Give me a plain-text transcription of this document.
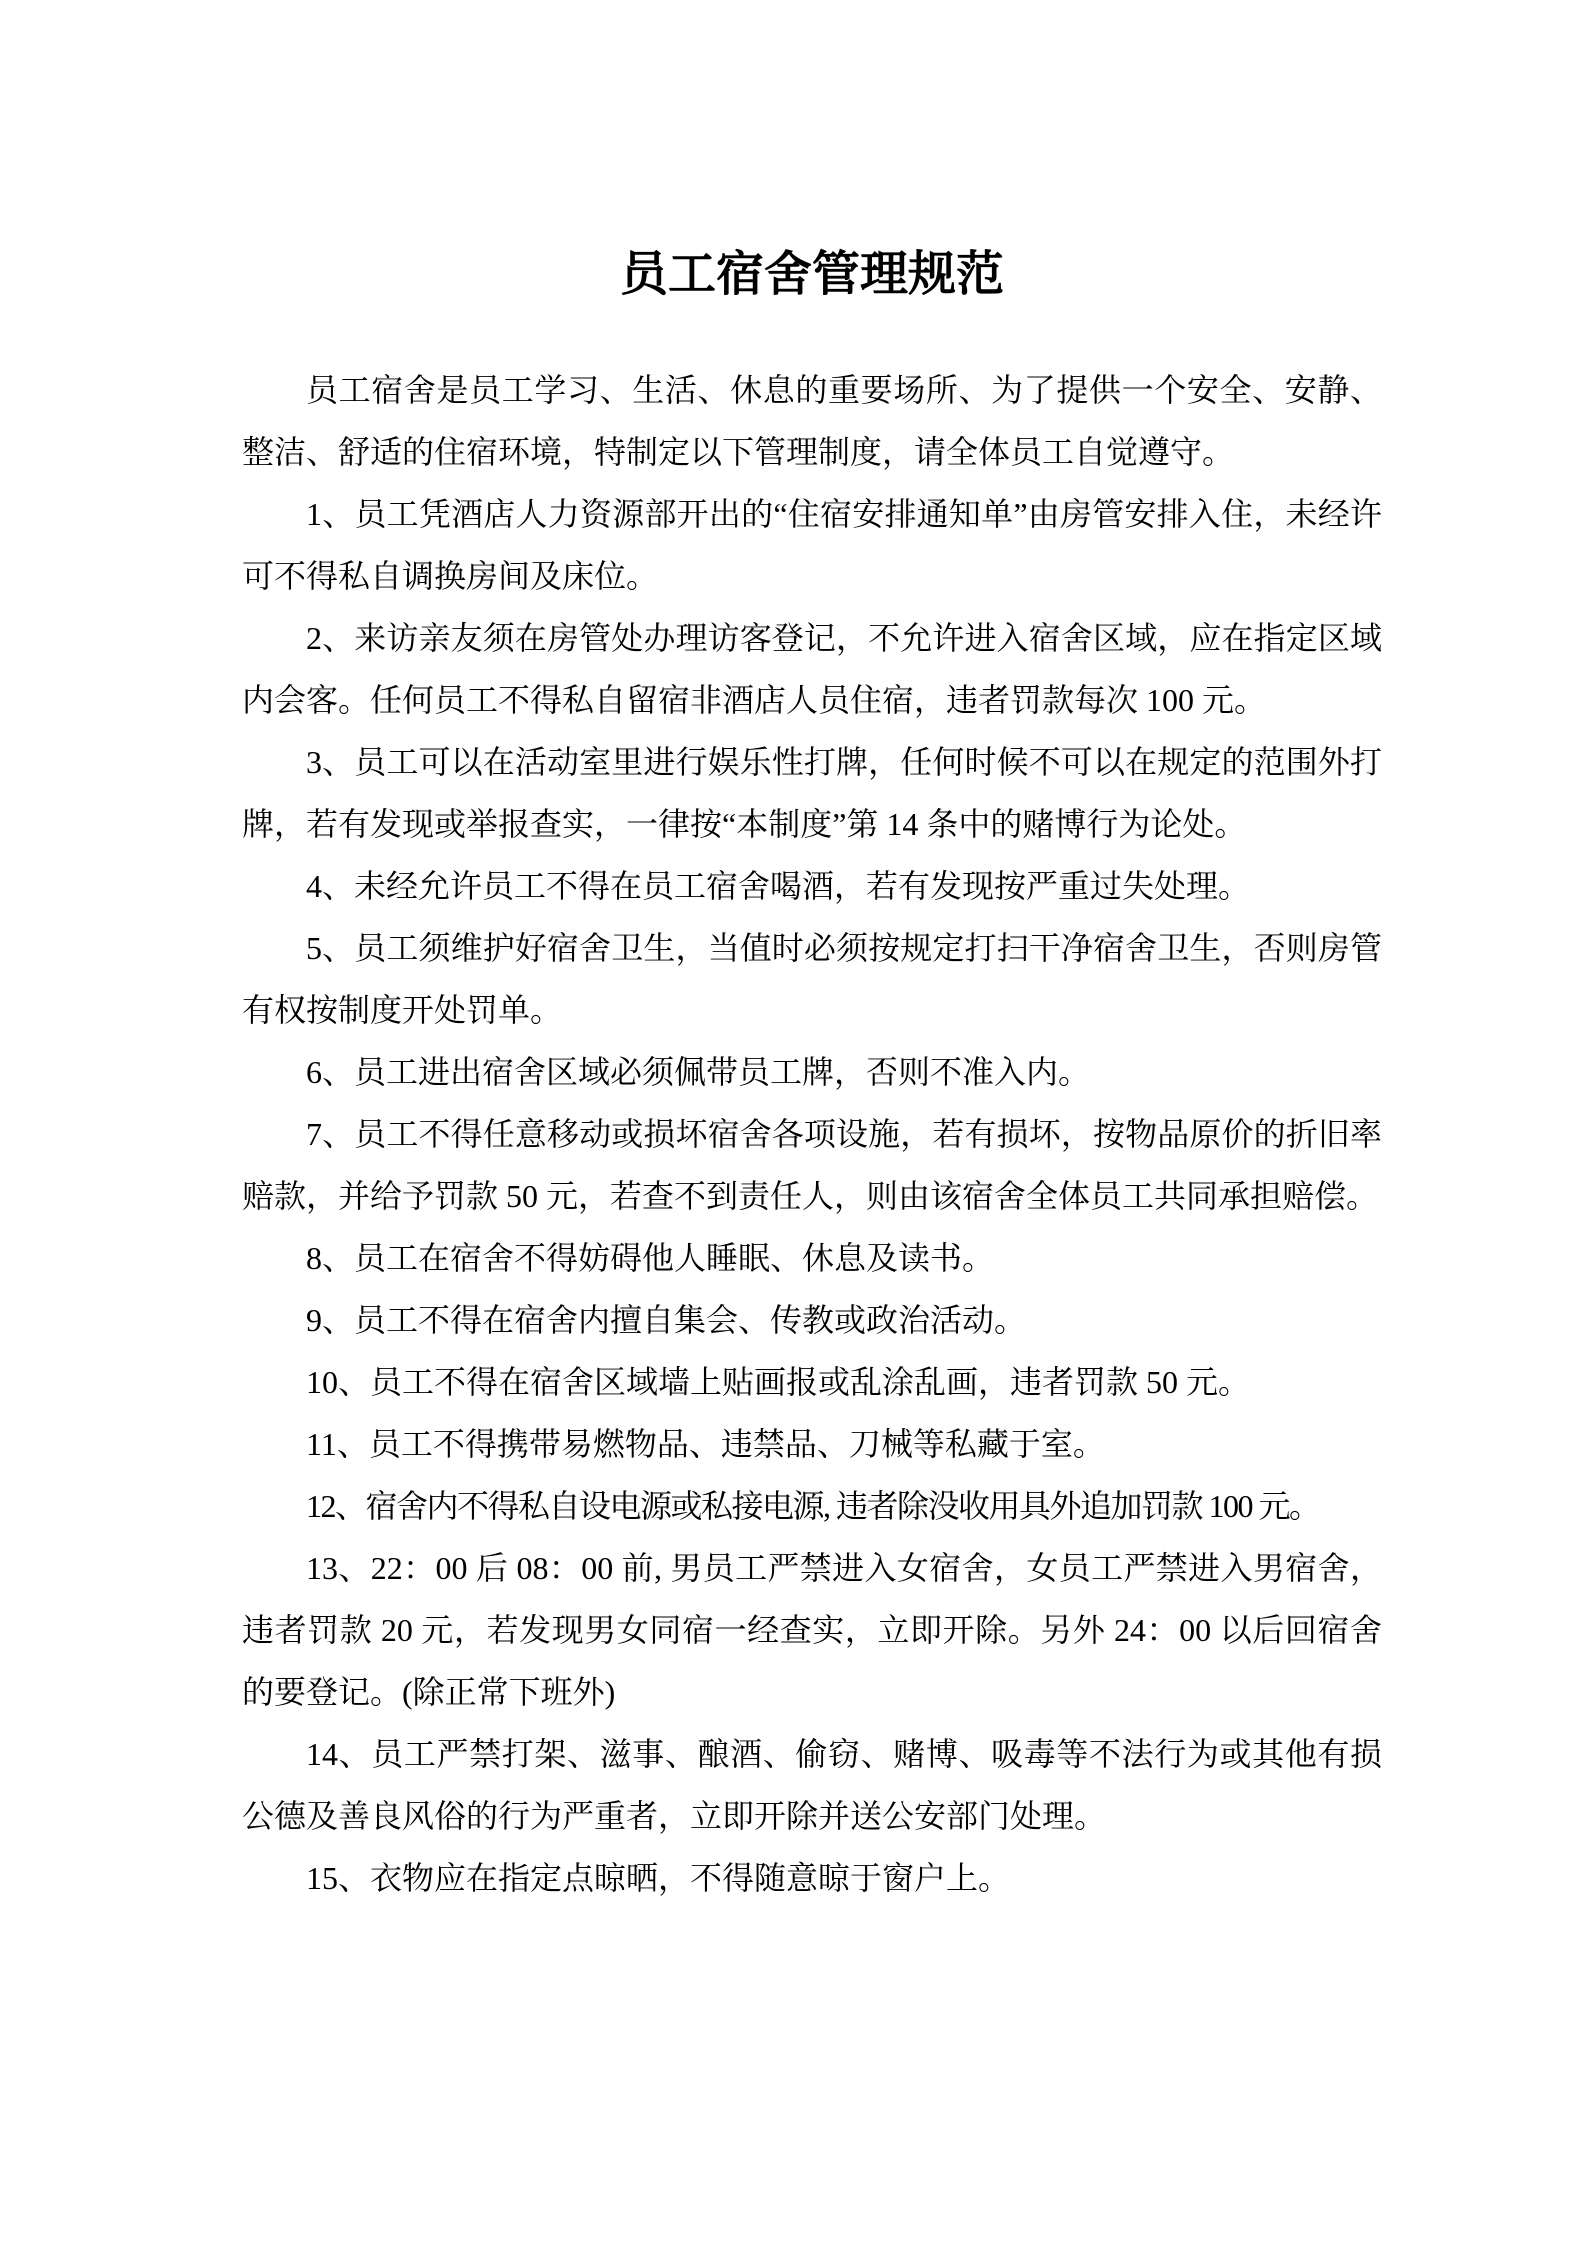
员工宿舍管理规范

员工宿舍是员工学习、生活、休息的重要场所、为了提供一个安全、安静、整洁、舒适的住宿环境，特制定以下管理制度，请全体员工自觉遵守。

1、员工凭酒店人力资源部开出的“住宿安排通知单”由房管安排入住，未经许可不得私自调换房间及床位。

2、来访亲友须在房管处办理访客登记，不允许进入宿舍区域，应在指定区域内会客。任何员工不得私自留宿非酒店人员住宿，违者罚款每次 100 元。

3、员工可以在活动室里进行娱乐性打牌，任何时候不可以在规定的范围外打牌，若有发现或举报查实，一律按“本制度”第 14 条中的赌博行为论处。

4、未经允许员工不得在员工宿舍喝酒，若有发现按严重过失处理。

5、员工须维护好宿舍卫生，当值时必须按规定打扫干净宿舍卫生，否则房管有权按制度开处罚单。

6、员工进出宿舍区域必须佩带员工牌，否则不准入内。

7、员工不得任意移动或损坏宿舍各项设施，若有损坏，按物品原价的折旧率赔款，并给予罚款 50 元，若查不到责任人，则由该宿舍全体员工共同承担赔偿。

8、员工在宿舍不得妨碍他人睡眠、休息及读书。

9、员工不得在宿舍内擅自集会、传教或政治活动。

10、员工不得在宿舍区域墙上贴画报或乱涂乱画，违者罚款 50 元。

11、员工不得携带易燃物品、违禁品、刀械等私藏于室。

12、宿舍内不得私自设电源或私接电源, 违者除没收用具外追加罚款 100 元。

13、22：00 后 08：00 前, 男员工严禁进入女宿舍，女员工严禁进入男宿舍，违者罚款 20 元，若发现男女同宿一经查实，立即开除。另外 24：00 以后回宿舍的要登记。(除正常下班外)

14、员工严禁打架、滋事、酿酒、偷窃、赌博、吸毒等不法行为或其他有损公德及善良风俗的行为严重者，立即开除并送公安部门处理。

15、衣物应在指定点晾晒，不得随意晾于窗户上。
